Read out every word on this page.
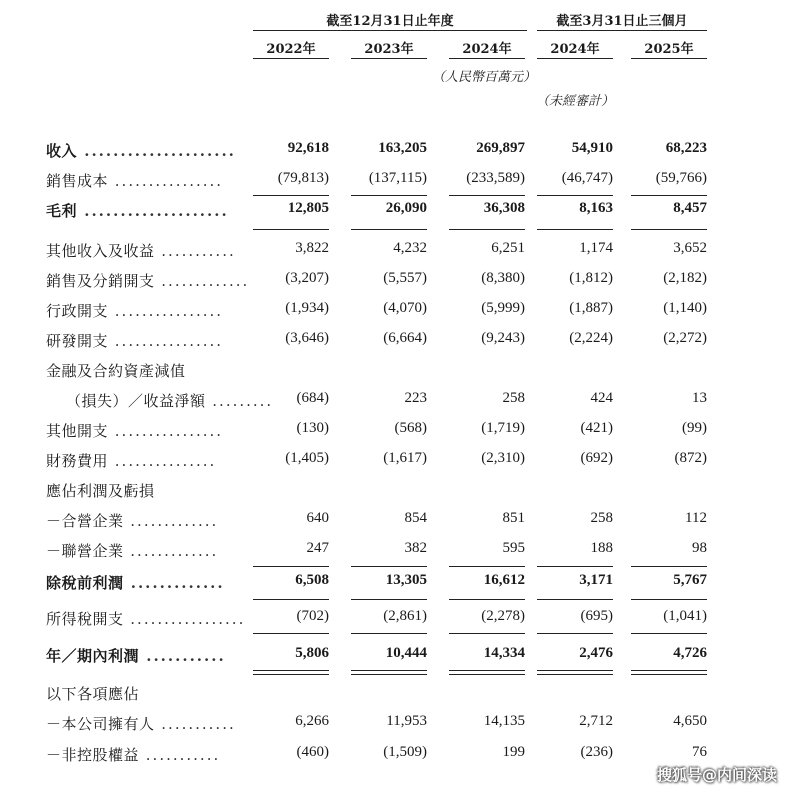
截至12月31日止年度	截至3月31日止三個月
2022年	2023年	2024年	2024年	2025年
（人民幣百萬元）
（未經審計）
收入 .....................	92,618	163,205	269,897	54,910	68,223
銷售成本 ................	(79,813)	(137,115)	(233,589)	(46,747)	(59,766)
毛利 ....................	12,805	26,090	36,308	8,163	8,457
其他收入及收益 ...........	3,822	4,232	6,251	1,174	3,652
銷售及分銷開支 .............	(3,207)	(5,557)	(8,380)	(1,812)	(2,182)
行政開支 ................	(1,934)	(4,070)	(5,999)	(1,887)	(1,140)
研發開支 ................	(3,646)	(6,664)	(9,243)	(2,224)	(2,272)
金融及合約資產減值
（損失）／收益淨額 .........	(684)	223	258	424	13
其他開支 ................	(130)	(568)	(1,719)	(421)	(99)
財務費用 ...............	(1,405)	(1,617)	(2,310)	(692)	(872)
應佔利潤及虧損
－合營企業 .............	640	854	851	258	112
－聯營企業 .............	247	382	595	188	98
除稅前利潤 .............	6,508	13,305	16,612	3,171	5,767
所得稅開支 .................	(702)	(2,861)	(2,278)	(695)	(1,041)
年／期內利潤 ...........	5,806	10,444	14,334	2,476	4,726
以下各項應佔
－本公司擁有人 ...........	6,266	11,953	14,135	2,712	4,650
－非控股權益 ...........	(460)	(1,509)	199	(236)	76
搜狐号@内间深读
